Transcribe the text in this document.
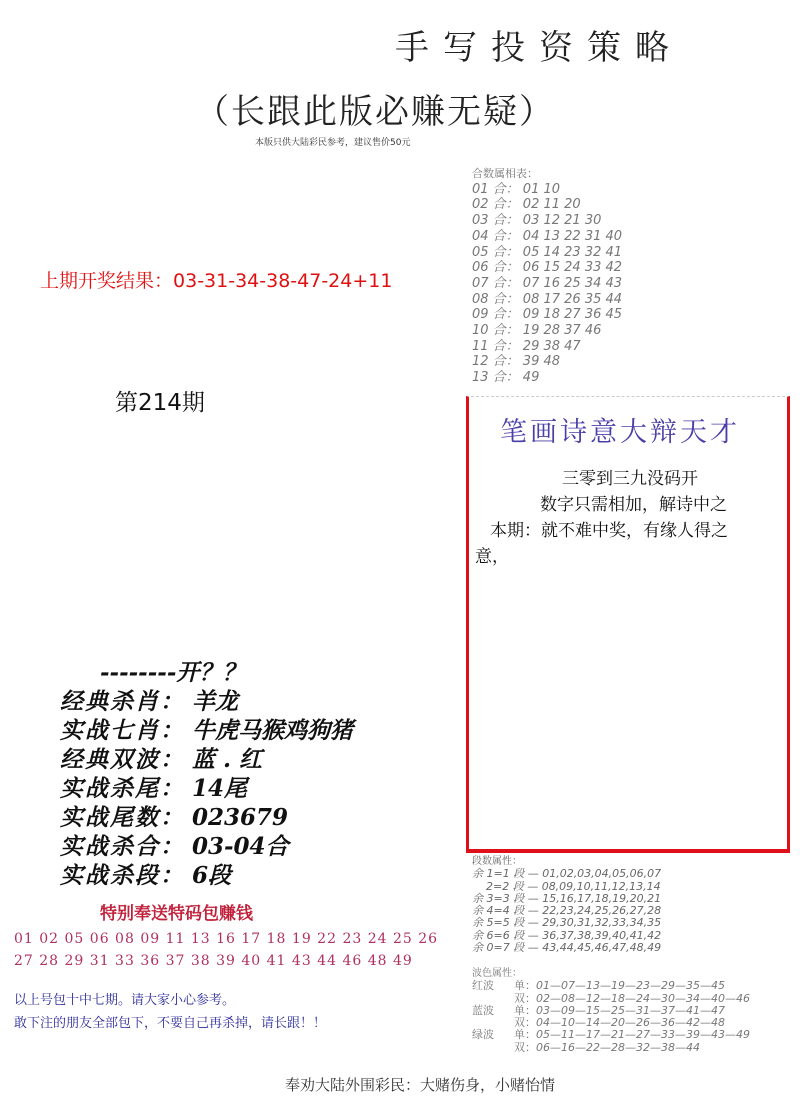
手写投资策略
（长跟此版必赚无疑）
本版只供大陆彩民参考，建议售价50元
上期开奖结果：03-31-34-38-47-24+11
第214期
合数属相表：
01 合： 01 10
02 合： 02 11 20
03 合： 03 12 21 30
04 合： 04 13 22 31 40
05 合： 05 14 23 32 41
06 合： 06 15 24 33 42
07 合： 07 16 25 34 43
08 合： 08 17 26 35 44
09 合： 09 18 27 36 45
10 合： 19 28 37 46
11 合： 29 38 47
12 合： 39 48
13 合： 49
笔画诗意大辩天才
三零到三九没码开
数字只需相加，解诗中之
本期：就不难中奖，有缘人得之
意，
--------开？？
经典杀肖： 羊龙
实战七肖： 牛虎马猴鸡狗猪
经典双波： 蓝 . 红
实战杀尾： 14尾
实战尾数： 023679
实战杀合： 03-04合
实战杀段： 6段
特别奉送特码包赚钱
01 02 05 06 08 09 11 13 16 17 18 19 22 23 24 25 26
27 28 29 31 33 36 37 38 39 40 41 43 44 46 48 49
以上号包十中七期。请大家小心参考。
敢下注的朋友全部包下，不要自己再杀掉，请长跟！！
段数属性：
余 1=1 段 — 01,02,03,04,05,06,07
2=2 段 — 08,09,10,11,12,13,14
余 3=3 段 — 15,16,17,18,19,20,21
余 4=4 段 — 22,23,24,25,26,27,28
余 5=5 段 — 29,30,31,32,33,34,35
余 6=6 段 — 36,37,38,39,40,41,42
余 0=7 段 — 43,44,45,46,47,48,49
波色属性：
红波 单：01—07—13—19—23—29—35—45
双：02—08—12—18—24—30—34—40—46
蓝波 单：03—09—15—25—31—37—41—47
双：04—10—14—20—26—36—42—48
绿波 单：05—11—17—21—27—33—39—43—49
双：06—16—22—28—32—38—44
奉劝大陆外围彩民：大赌伤身，小赌怡情
